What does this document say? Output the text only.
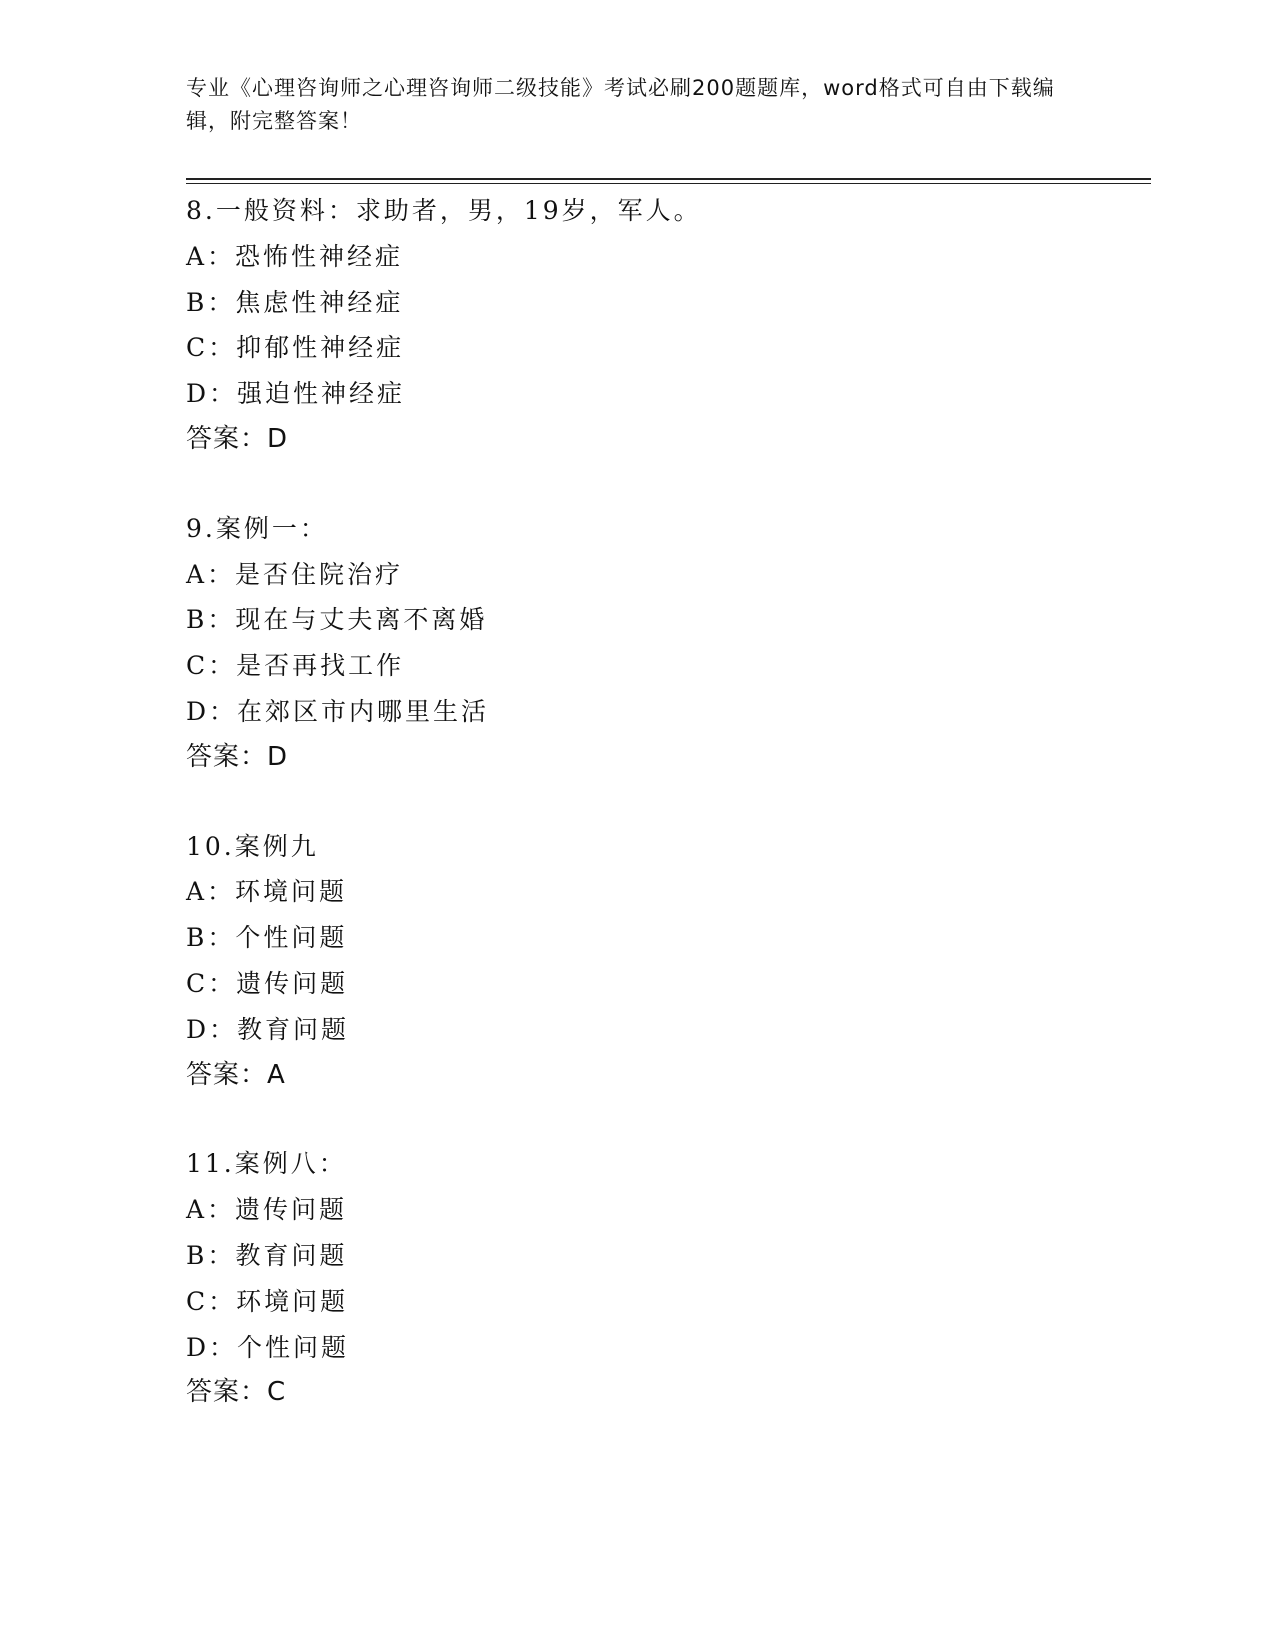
专业《心理咨询师之心理咨询师二级技能》考试必刷200题题库，word格式可自由下载编辑，附完整答案！
8.一般资料：求助者，男，19岁，军人。
A：恐怖性神经症
B：焦虑性神经症
C：抑郁性神经症
D：强迫性神经症
答案：D
9.案例一：
A：是否住院治疗
B：现在与丈夫离不离婚
C：是否再找工作
D：在郊区市内哪里生活
答案：D
10.案例九
A：环境问题
B：个性问题
C：遗传问题
D：教育问题
答案：A
11.案例八：
A：遗传问题
B：教育问题
C：环境问题
D：个性问题
答案：C
